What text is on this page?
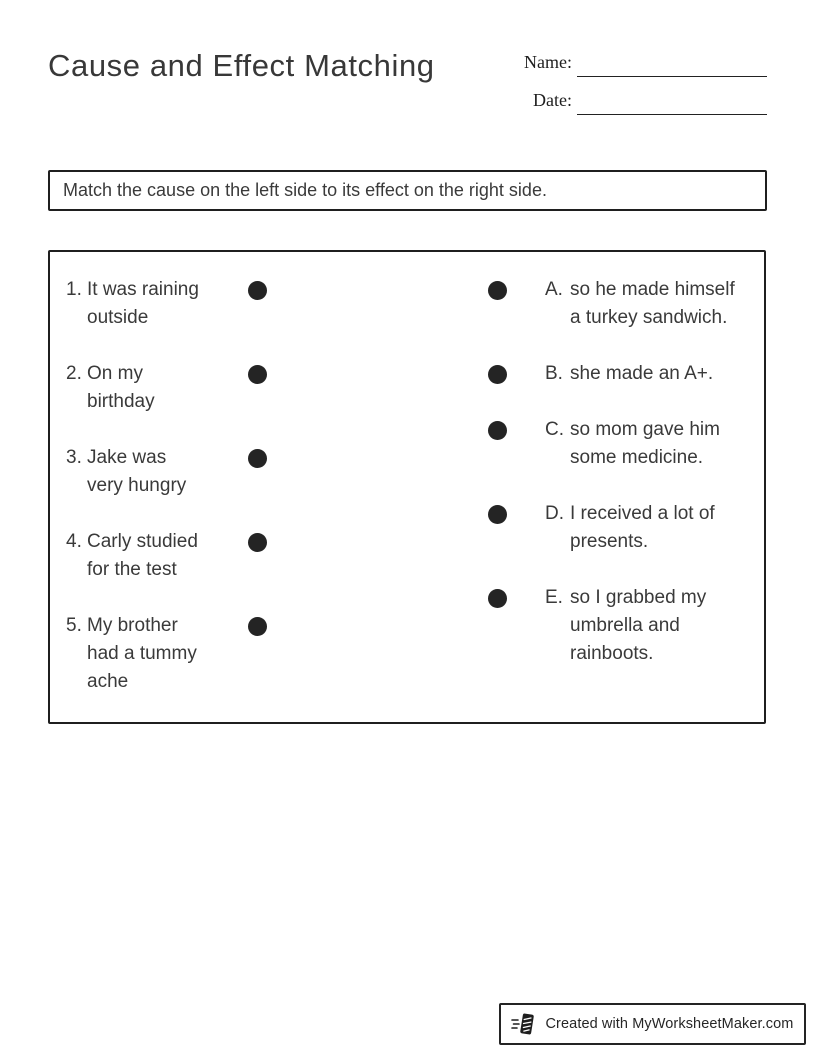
Cause and Effect Matching	Name:
Date:
Match the cause on the left side to its effect on the right side.
1. It was raining outside
2. On my birthday
3. Jake was very hungry
4. Carly studied for the test
5. My brother had a tummy ache
A. so he made himself a turkey sandwich.
B. she made an A+.
C. so mom gave him some medicine.
D. I received a lot of presents.
E. so I grabbed my umbrella and rainboots.
Created with MyWorksheetMaker.com
